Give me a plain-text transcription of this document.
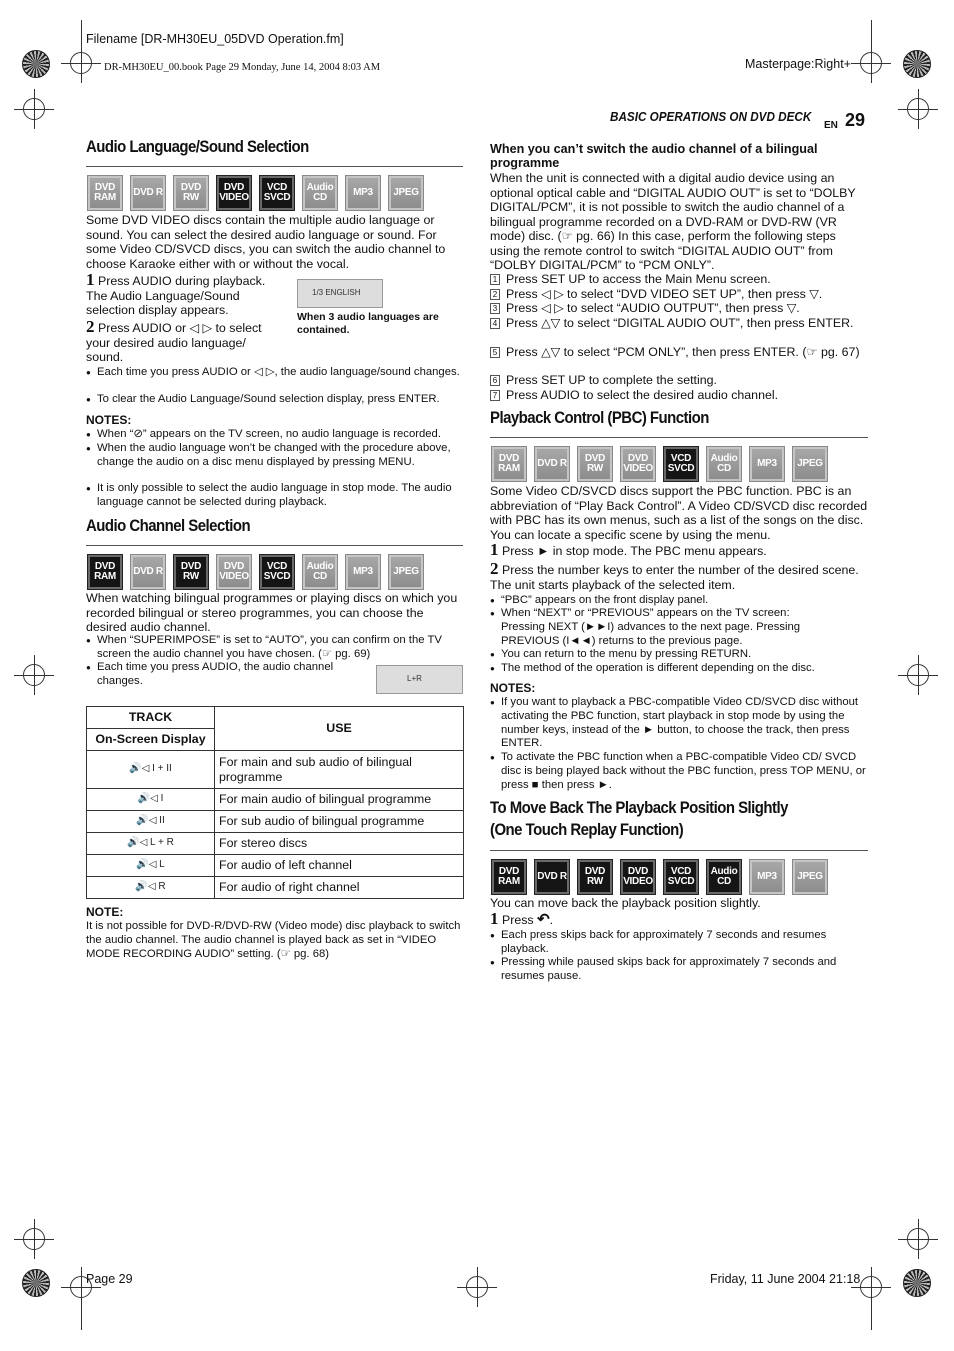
Filename [DR-MH30EU_05DVD Operation.fm]
DR-MH30EU_00.book Page 29 Monday, June 14, 2004 8:03 AM	Masterpage:Right+
BASIC OPERATIONS ON DVD DECK
EN 29
Audio Language/Sound Selection
DVD RAM	DVD R	DVD RW
DVD VIDEO
VCD SVCD
Audio CD	MP3	JPEG
Some DVD VIDEO discs contain the multiple audio language or sound. You can select the desired audio language or sound. For some Video CD/SVCD discs, you can switch the audio channel to choose Karaoke either with or without the vocal.
1 Press AUDIO during playback. The Audio Language/Sound selection display appears.
1/3 ENGLISH
When 3 audio languages are contained.
2 Press AUDIO or ◁ ▷ to select your desired audio language/ sound.
● Each time you press AUDIO or ◁ ▷, the audio language/sound changes.
● To clear the Audio Language/Sound selection display, press ENTER.
NOTES:
● When “⊘” appears on the TV screen, no audio language is recorded.
● When the audio language won’t be changed with the procedure above, change the audio on a disc menu displayed by pressing MENU.
● It is only possible to select the audio language in stop mode. The audio language cannot be selected during playback.
Audio Channel Selection
DVD RAM	DVD R	DVD RW
DVD VIDEO
VCD SVCD
Audio CD	MP3	JPEG
When watching bilingual programmes or playing discs on which you recorded bilingual or stereo programmes, you can choose the desired audio channel.
● When “SUPERIMPOSE” is set to “AUTO”, you can confirm on the TV screen the audio channel you have chosen. (☞ pg. 69)
● Each time you press AUDIO, the audio channel changes.	L+R
TRACK	USE
On-Screen Display	
🔊◁ I + II	For main and sub audio of bilingual programme
🔊◁ I	For main audio of bilingual programme
🔊◁ II	For sub audio of bilingual programme
🔊◁ L + R	For stereo discs
🔊◁ L	For audio of left channel
🔊◁ R	For audio of right channel
NOTE:
It is not possible for DVD-R/DVD-RW (Video mode) disc playback to switch the audio channel. The audio channel is played back as set in “VIDEO MODE RECORDING AUDIO” setting. (☞ pg. 68)
When you can’t switch the audio channel of a bilingual programme
When the unit is connected with a digital audio device using an optional optical cable and “DIGITAL AUDIO OUT” is set to “DOLBY DIGITAL/PCM”, it is not possible to switch the audio channel of a bilingual programme recorded on a DVD-RAM or DVD-RW (VR mode) disc. (☞ pg. 66) In this case, perform the following steps using the remote control to switch “DIGITAL AUDIO OUT” from “DOLBY DIGITAL/PCM” to “PCM ONLY”.
1 Press SET UP to access the Main Menu screen.
2 Press ◁ ▷ to select “DVD VIDEO SET UP”, then press ▽.
3 Press ◁ ▷ to select “AUDIO OUTPUT”, then press ▽.
4 Press △▽ to select “DIGITAL AUDIO OUT”, then press ENTER.
5 Press △▽ to select “PCM ONLY”, then press ENTER. (☞ pg. 67)
6 Press SET UP to complete the setting.
7 Press AUDIO to select the desired audio channel.
Playback Control (PBC) Function
DVD RAM	DVD R	DVD RW
DVD VIDEO
VCD SVCD
Audio CD	MP3	JPEG
Some Video CD/SVCD discs support the PBC function. PBC is an abbreviation of “Play Back Control”. A Video CD/SVCD disc recorded with PBC has its own menus, such as a list of the songs on the disc. You can locate a specific scene by using the menu.
1 Press ► in stop mode. The PBC menu appears.
2 Press the number keys to enter the number of the desired scene. The unit starts playback of the selected item.
● “PBC” appears on the front display panel.
● When “NEXT” or “PREVIOUS” appears on the TV screen: Pressing NEXT (►►I) advances to the next page. Pressing PREVIOUS (I◄◄) returns to the previous page.
● You can return to the menu by pressing RETURN.
● The method of the operation is different depending on the disc.
NOTES:
● If you want to playback a PBC-compatible Video CD/SVCD disc without activating the PBC function, start playback in stop mode by using the number keys, instead of the ► button, to choose the track, then press ENTER.
● To activate the PBC function when a PBC-compatible Video CD/ SVCD disc is being played back without the PBC function, press TOP MENU, or press ■ then press ►.
To Move Back The Playback Position Slightly
(One Touch Replay Function)
DVD RAM	DVD R	DVD RW
DVD VIDEO
VCD SVCD
Audio CD	MP3	JPEG
You can move back the playback position slightly.
1 Press ↶.
● Each press skips back for approximately 7 seconds and resumes playback.
● Pressing while paused skips back for approximately 7 seconds and resumes pause.
Page 29	Friday, 11 June 2004 21:18
